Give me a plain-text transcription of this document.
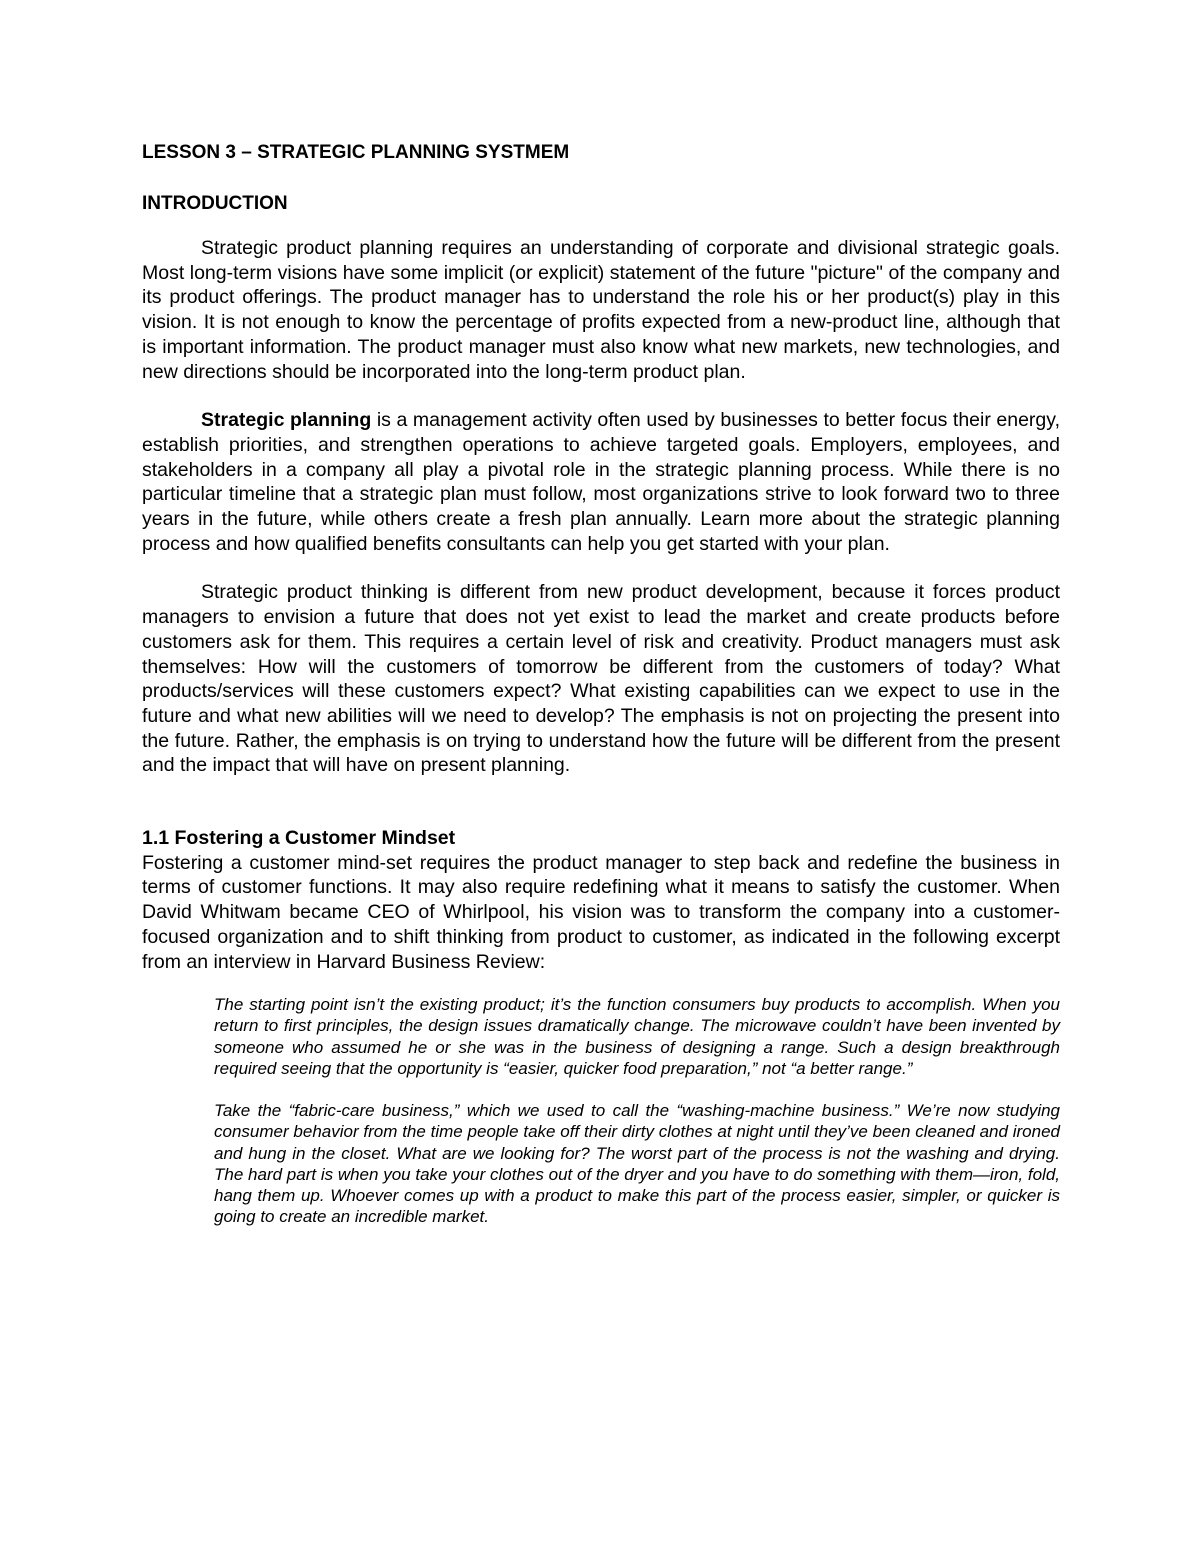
LESSON 3 – STRATEGIC PLANNING SYSTMEM
INTRODUCTION

Strategic product planning requires an understanding of corporate and divisional strategic goals. Most long-term visions have some implicit (or explicit) statement of the future "picture" of the company and its product offerings. The product manager has to understand the role his or her product(s) play in this vision. It is not enough to know the percentage of profits expected from a new-product line, although that is important information. The product manager must also know what new markets, new technologies, and new directions should be incorporated into the long-term product plan.

Strategic planning is a management activity often used by businesses to better focus their energy, establish priorities, and strengthen operations to achieve targeted goals. Employers, employees, and stakeholders in a company all play a pivotal role in the strategic planning process. While there is no particular timeline that a strategic plan must follow, most organizations strive to look forward two to three years in the future, while others create a fresh plan annually. Learn more about the strategic planning process and how qualified benefits consultants can help you get started with your plan.

Strategic product thinking is different from new product development, because it forces product managers to envision a future that does not yet exist to lead the market and create products before customers ask for them. This requires a certain level of risk and creativity. Product managers must ask themselves: How will the customers of tomorrow be different from the customers of today? What products/services will these customers expect? What existing capabilities can we expect to use in the future and what new abilities will we need to develop? The emphasis is not on projecting the present into the future. Rather, the emphasis is on trying to understand how the future will be different from the present and the impact that will have on present planning.

1.1 Fostering a Customer Mindset

Fostering a customer mind-set requires the product manager to step back and redefine the business in terms of customer functions. It may also require redefining what it means to satisfy the customer. When David Whitwam became CEO of Whirlpool, his vision was to transform the company into a customer-focused organization and to shift thinking from product to customer, as indicated in the following excerpt from an interview in Harvard Business Review:

The starting point isn’t the existing product; it’s the function consumers buy products to accomplish. When you return to first principles, the design issues dramatically change. The microwave couldn’t have been invented by someone who assumed he or she was in the business of designing a range. Such a design breakthrough required seeing that the opportunity is “easier, quicker food preparation,” not “a better range.”

Take the “fabric-care business,” which we used to call the “washing-machine business.” We’re now studying consumer behavior from the time people take off their dirty clothes at night until they’ve been cleaned and ironed and hung in the closet. What are we looking for? The worst part of the process is not the washing and drying. The hard part is when you take your clothes out of the dryer and you have to do something with them—iron, fold, hang them up. Whoever comes up with a product to make this part of the process easier, simpler, or quicker is going to create an incredible market.
